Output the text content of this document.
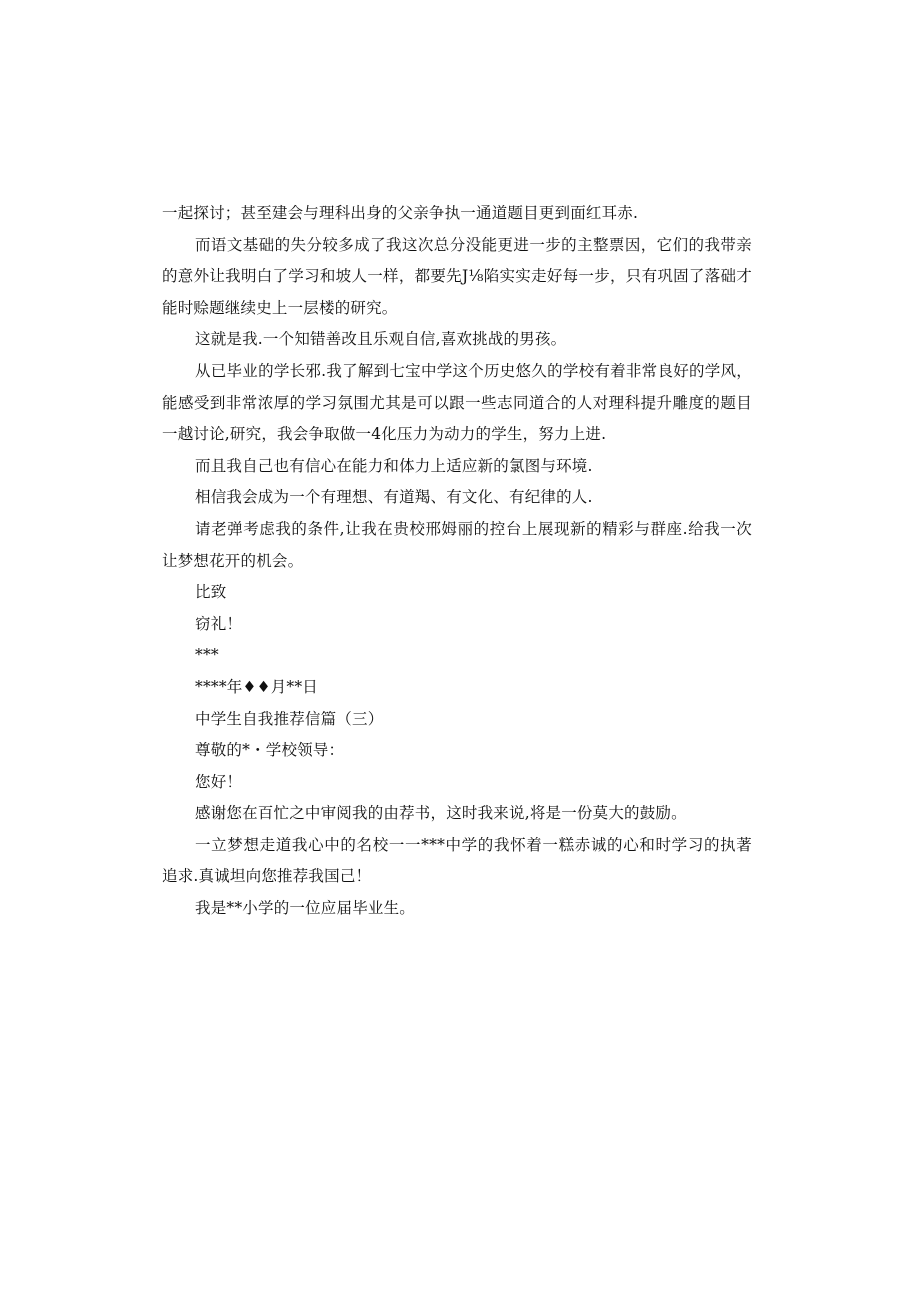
一起探讨；甚至建会与理科出身的父亲争执一通道题目更到面红耳赤.

而语文基础的失分较多成了我这次总分没能更进一步的主整票因，它们的我带亲的意外让我明白了学习和坡人一样，都要先J⅛陷实实走好每一步，只有巩固了落础才能时赊题继续史上一层楼的研究。

这就是我.一个知错善改且乐观自信,喜欢挑战的男孩。

从已毕业的学长邪.我了解到七宝中学这个历史悠久的学校有着非常良好的学风，能感受到非常浓厚的学习氛围尤其是可以跟一些志同道合的人对理科提升雕度的题目一越讨论,研究，我会争取做一4化压力为动力的学生，努力上进.

而且我自己也有信心在能力和体力上适应新的氯图与环境.

相信我会成为一个有理想、有道羯、有文化、有纪律的人.

请老弹考虑我的条件,让我在贵校邢姆丽的控台上展现新的精彩与群座.给我一次让梦想花开的机会。

比致

窃礼！

***

****年♦♦月**日

中学生自我推荐信篇（三）

尊敬的*・学校领导：

您好！

感谢您在百忙之中审阅我的由荐书，这时我来说,将是一份莫大的鼓励。

一立梦想走道我心中的名校一一***中学的我怀着一糕赤诚的心和时学习的执著追求.真诚坦向您推荐我国己！

我是**小学的一位应届毕业生。
